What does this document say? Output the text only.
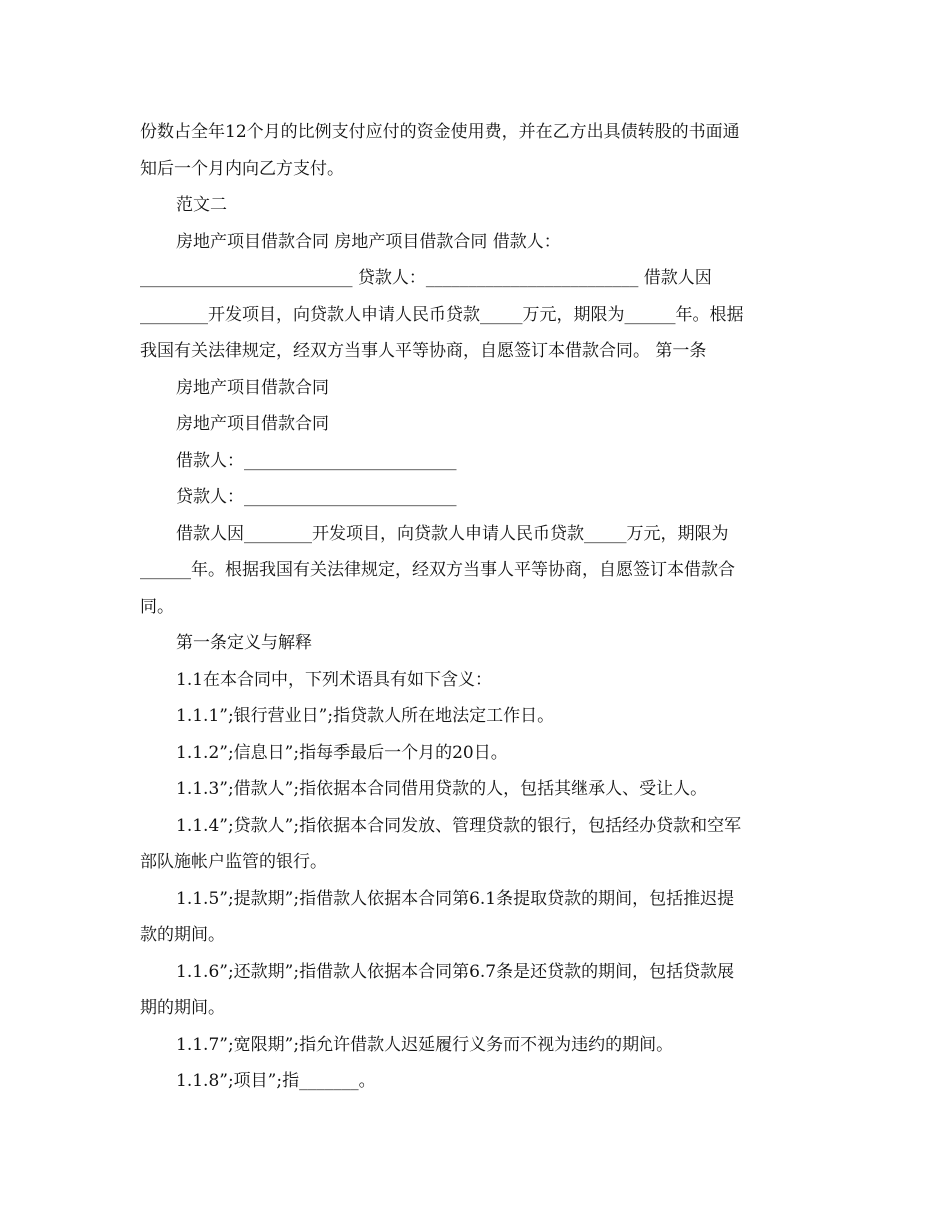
份数占全年12个月的比例支付应付的资金使用费，并在乙方出具债转股的书面通

知后一个月内向乙方支付。

范文二

房地产项目借款合同 房地产项目借款合同 借款人：

_________________________ 贷款人：_________________________ 借款人因

________开发项目，向贷款人申请人民币贷款_____万元，期限为______年。根据

我国有关法律规定，经双方当事人平等协商，自愿签订本借款合同。 第一条

房地产项目借款合同

房地产项目借款合同

借款人：_________________________

贷款人：_________________________

借款人因________开发项目，向贷款人申请人民币贷款_____万元，期限为

______年。根据我国有关法律规定，经双方当事人平等协商，自愿签订本借款合

同。

第一条定义与解释

1.1在本合同中，下列术语具有如下含义：

1.1.1”;银行营业日”;指贷款人所在地法定工作日。

1.1.2”;信息日”;指每季最后一个月的20日。

1.1.3”;借款人”;指依据本合同借用贷款的人，包括其继承人、受让人。

1.1.4”;贷款人”;指依据本合同发放、管理贷款的银行，包括经办贷款和空军

部队施帐户监管的银行。

1.1.5”;提款期”;指借款人依据本合同第6.1条提取贷款的期间，包括推迟提

款的期间。

1.1.6”;还款期”;指借款人依据本合同第6.7条是还贷款的期间，包括贷款展

期的期间。

1.1.7”;宽限期”;指允许借款人迟延履行义务而不视为违约的期间。

1.1.8”;项目”;指_______。
